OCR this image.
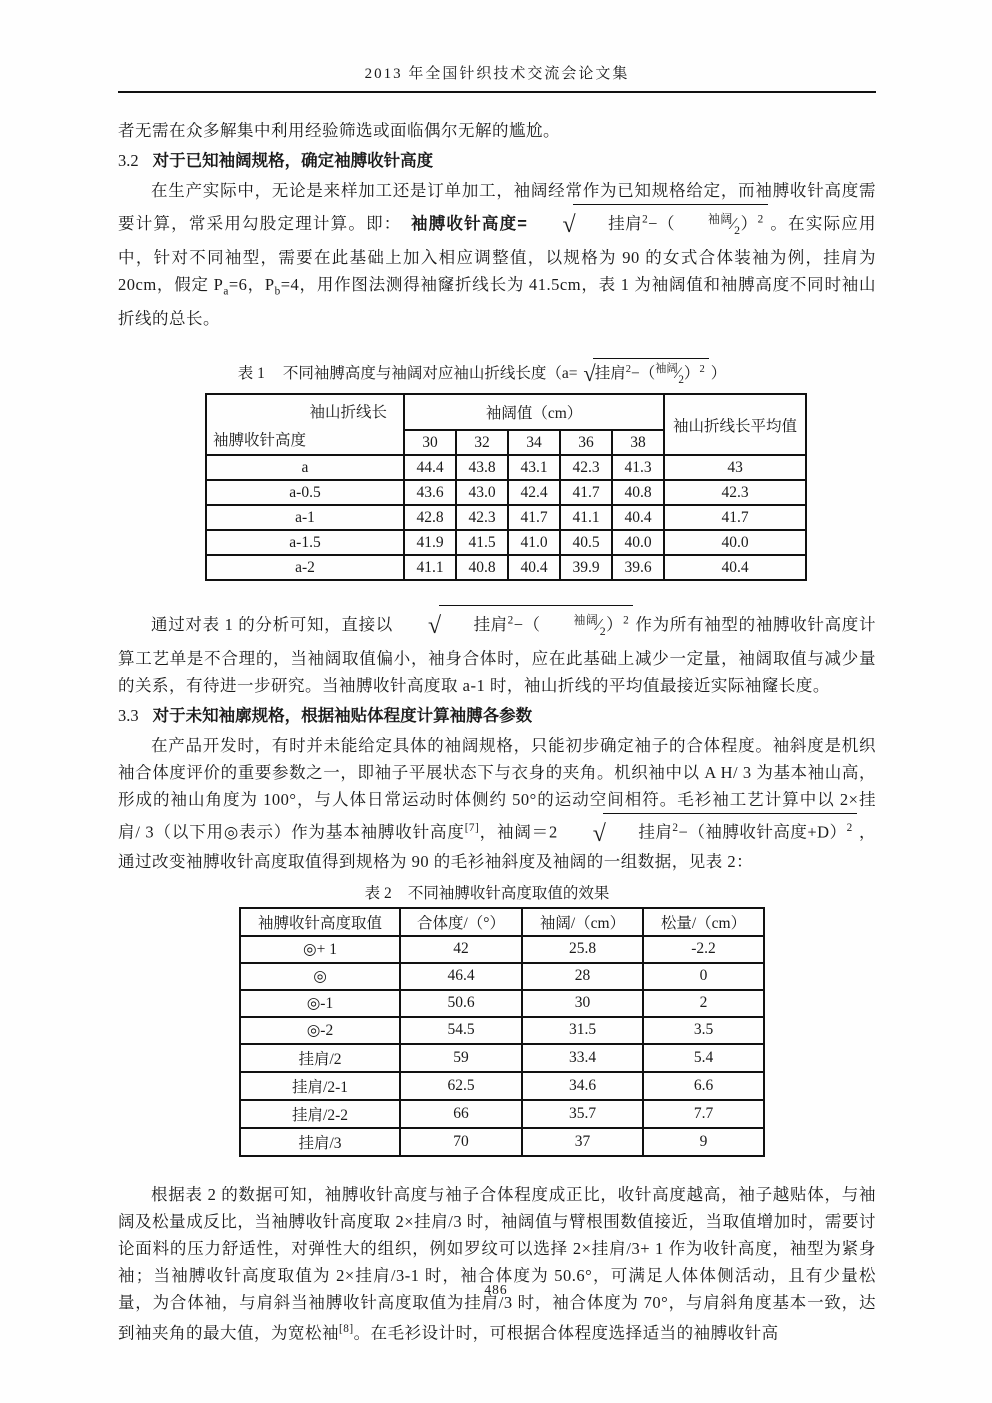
2013 年全国针织技术交流会论文集

者无需在众多解集中利用经验筛选或面临偶尔无解的尴尬。

3.2 对于已知袖阔规格，确定袖膊收针高度

在生产实际中，无论是来样加工还是订单加工，袖阔经常作为已知规格给定，而袖膊收针高度需要计算，常采用勾股定理计算。即：　袖膊收针高度= √ 挂肩$^2$−（	$^{袖阔}⁄_2)^2$ 。在实际应用中，针对不同袖型，需要在此基础上加入相应调整值，以规格为 90 的女式合体装袖为例，挂肩为 20cm，假定 $P_a=6$，$P_b=4$，用作图法测得袖窿折线长为 41.5cm，表 1 为袖阔值和袖膊高度不同时袖山折线的总长。

表 1 不同袖膊高度与袖阔对应袖山折线长度（a= √挂肩$^2-(^{袖阔}⁄_2)^2$ ）
袖山折线长
袖膊收针高度	袖阔值（cm）					袖山折线长平均值
	30	32	34	36	38	
a	44.4	43.8	43.1	42.3	41.3	43
a-0.5	43.6	43.0	42.4	41.7	40.8	42.3
a-1	42.8	42.3	41.7	41.1	40.4	41.7
a-1.5	41.9	41.5	41.0	40.5	40.0	40.0
a-2	41.1	40.8	40.4	39.9	39.6	40.4

通过对表 1 的分析可知，直接以 √ 挂肩$^2$−（	$^{袖阔}⁄_2)^2$ 作为所有袖型的袖膊收针高度计算工艺单是不合理的，当袖阔取值偏小，袖身合体时，应在此基础上减少一定量，袖阔取值与减少量的关系，有待进一步研究。当袖膊收针高度取 a-1 时，袖山折线的平均值最接近实际袖窿长度。

3.3 对于未知袖廓规格，根据袖贴体程度计算袖膊各参数

在产品开发时，有时并未能给定具体的袖阔规格，只能初步确定袖子的合体程度。袖斜度是机织袖合体度评价的重要参数之一，即袖子平展状态下与衣身的夹角。机织袖中以 A H/ 3 为基本袖山高，形成的袖山角度为 100°，与人体日常运动时体侧约 50°的运动空间相符。毛衫袖工艺计算中以 2×挂肩/ 3（以下用◎表示）作为基本袖膊收针高度[7]，袖阔＝2 √ 挂肩$^2$−（袖膊收针高度+D）$^2$ ，通过改变袖膊收针高度取值得到规格为 90 的毛衫袖斜度及袖阔的一组数据，见表 2：

表 2 不同袖膊收针高度取值的效果
袖膊收针高度取值	合体度/（°）	袖阔/（cm）	松量/（cm）
◎+ 1	42	25.8	-2.2
◎	46.4	28	0
◎-1	50.6	30	2
◎-2	54.5	31.5	3.5
挂肩/2	59	33.4	5.4
挂肩/2-1	62.5	34.6	6.6
挂肩/2-2	66	35.7	7.7
挂肩/3	70	37	9

根据表 2 的数据可知，袖膊收针高度与袖子合体程度成正比，收针高度越高，袖子越贴体，与袖阔及松量成反比，当袖膊收针高度取 2×挂肩/3 时，袖阔值与臂根围数值接近，当取值增加时，需要讨论面料的压力舒适性，对弹性大的组织，例如罗纹可以选择 2×挂肩/3+ 1 作为收针高度，袖型为紧身袖；当袖膊收针高度取值为 2×挂肩/3-1 时，袖合体度为 50.6°，可满足人体体侧活动，且有少量松量，为合体袖，与肩斜当袖膊收针高度取值为挂肩/3 时，袖合体度为 70°，与肩斜角度基本一致，达到袖夹角的最大值，为宽松袖[8]。在毛衫设计时，可根据合体程度选择适当的袖膊收针高

486
